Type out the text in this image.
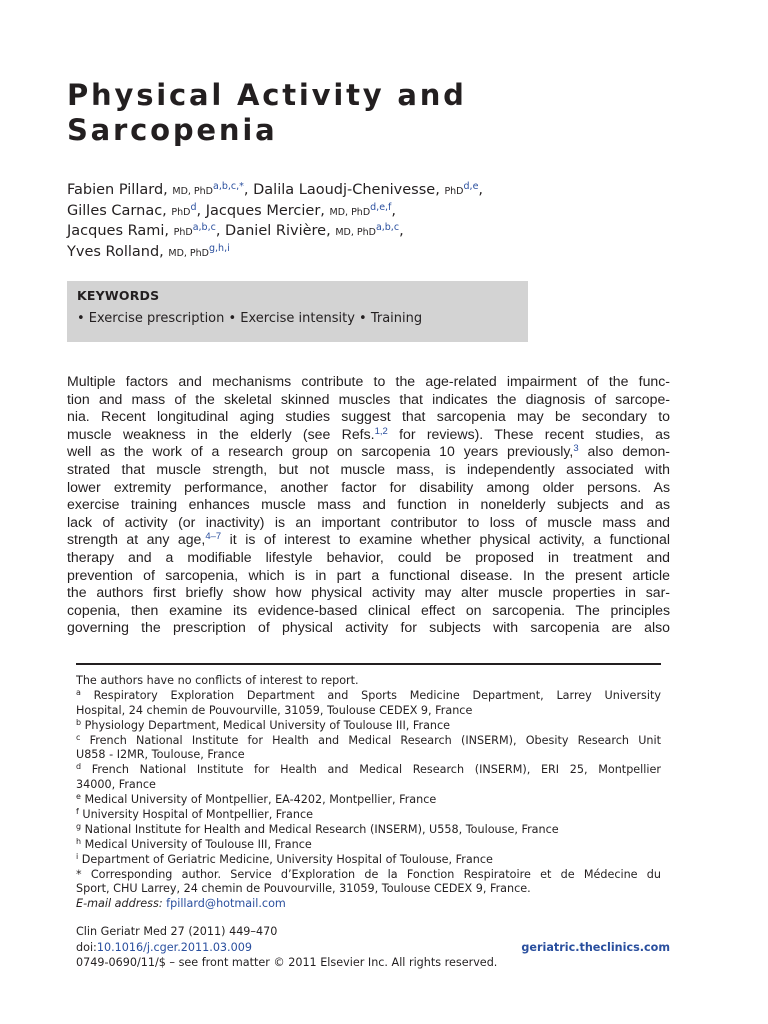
Physical Activity and
Sarcopenia
Fabien Pillard, MD, PhD$^{a,b,c,*}$, Dalila Laoudj-Chenivesse, PhD$^{d,e}$,
Gilles Carnac, PhD$^d$, Jacques Mercier, MD, PhD$^{d,e,f}$,
Jacques Rami, PhD$^{a,b,c}$, Daniel Rivière, MD, PhD$^{a,b,c}$,
Yves Rolland, MD, PhD$^{g,h,i}$
KEYWORDS
• Exercise prescription • Exercise intensity • Training
Multiple factors and mechanisms contribute to the age-related impairment of the func-
tion and mass of the skeletal skinned muscles that indicates the diagnosis of sarcope-
nia. Recent longitudinal aging studies suggest that sarcopenia may be secondary to
muscle weakness in the elderly (see Refs.$^{1,2}$ for reviews). These recent studies, as
well as the work of a research group on sarcopenia 10 years previously,$^3$ also demon-
strated that muscle strength, but not muscle mass, is independently associated with
lower extremity performance, another factor for disability among older persons. As
exercise training enhances muscle mass and function in nonelderly subjects and as
lack of activity (or inactivity) is an important contributor to loss of muscle mass and
strength at any age,$^{4-7}$ it is of interest to examine whether physical activity, a functional
therapy and a modifiable lifestyle behavior, could be proposed in treatment and
prevention of sarcopenia, which is in part a functional disease. In the present article
the authors first briefly show how physical activity may alter muscle properties in sar-
copenia, then examine its evidence-based clinical effect on sarcopenia. The principles
governing the prescription of physical activity for subjects with sarcopenia are also
The authors have no conflicts of interest to report.
$^a$ Respiratory Exploration Department and Sports Medicine Department, Larrey University
Hospital, 24 chemin de Pouvourville, 31059, Toulouse CEDEX 9, France
$^b$ Physiology Department, Medical University of Toulouse III, France
$^c$ French National Institute for Health and Medical Research (INSERM), Obesity Research Unit
U858 - I2MR, Toulouse, France
$^d$ French National Institute for Health and Medical Research (INSERM), ERI 25, Montpellier
34000, France
$^e$ Medical University of Montpellier, EA-4202, Montpellier, France
$^f$ University Hospital of Montpellier, France
$^g$ National Institute for Health and Medical Research (INSERM), U558, Toulouse, France
$^h$ Medical University of Toulouse III, France
$^i$ Department of Geriatric Medicine, University Hospital of Toulouse, France
* Corresponding author. Service d’Exploration de la Fonction Respiratoire et de Médecine du
Sport, CHU Larrey, 24 chemin de Pouvourville, 31059, Toulouse CEDEX 9, France.
E-mail address: fpillard@hotmail.com
Clin Geriatr Med 27 (2011) 449–470
doi:10.1016/j.cger.2011.03.009
0749-0690/11/$ – see front matter © 2011 Elsevier Inc. All rights reserved.
geriatric.theclinics.com
